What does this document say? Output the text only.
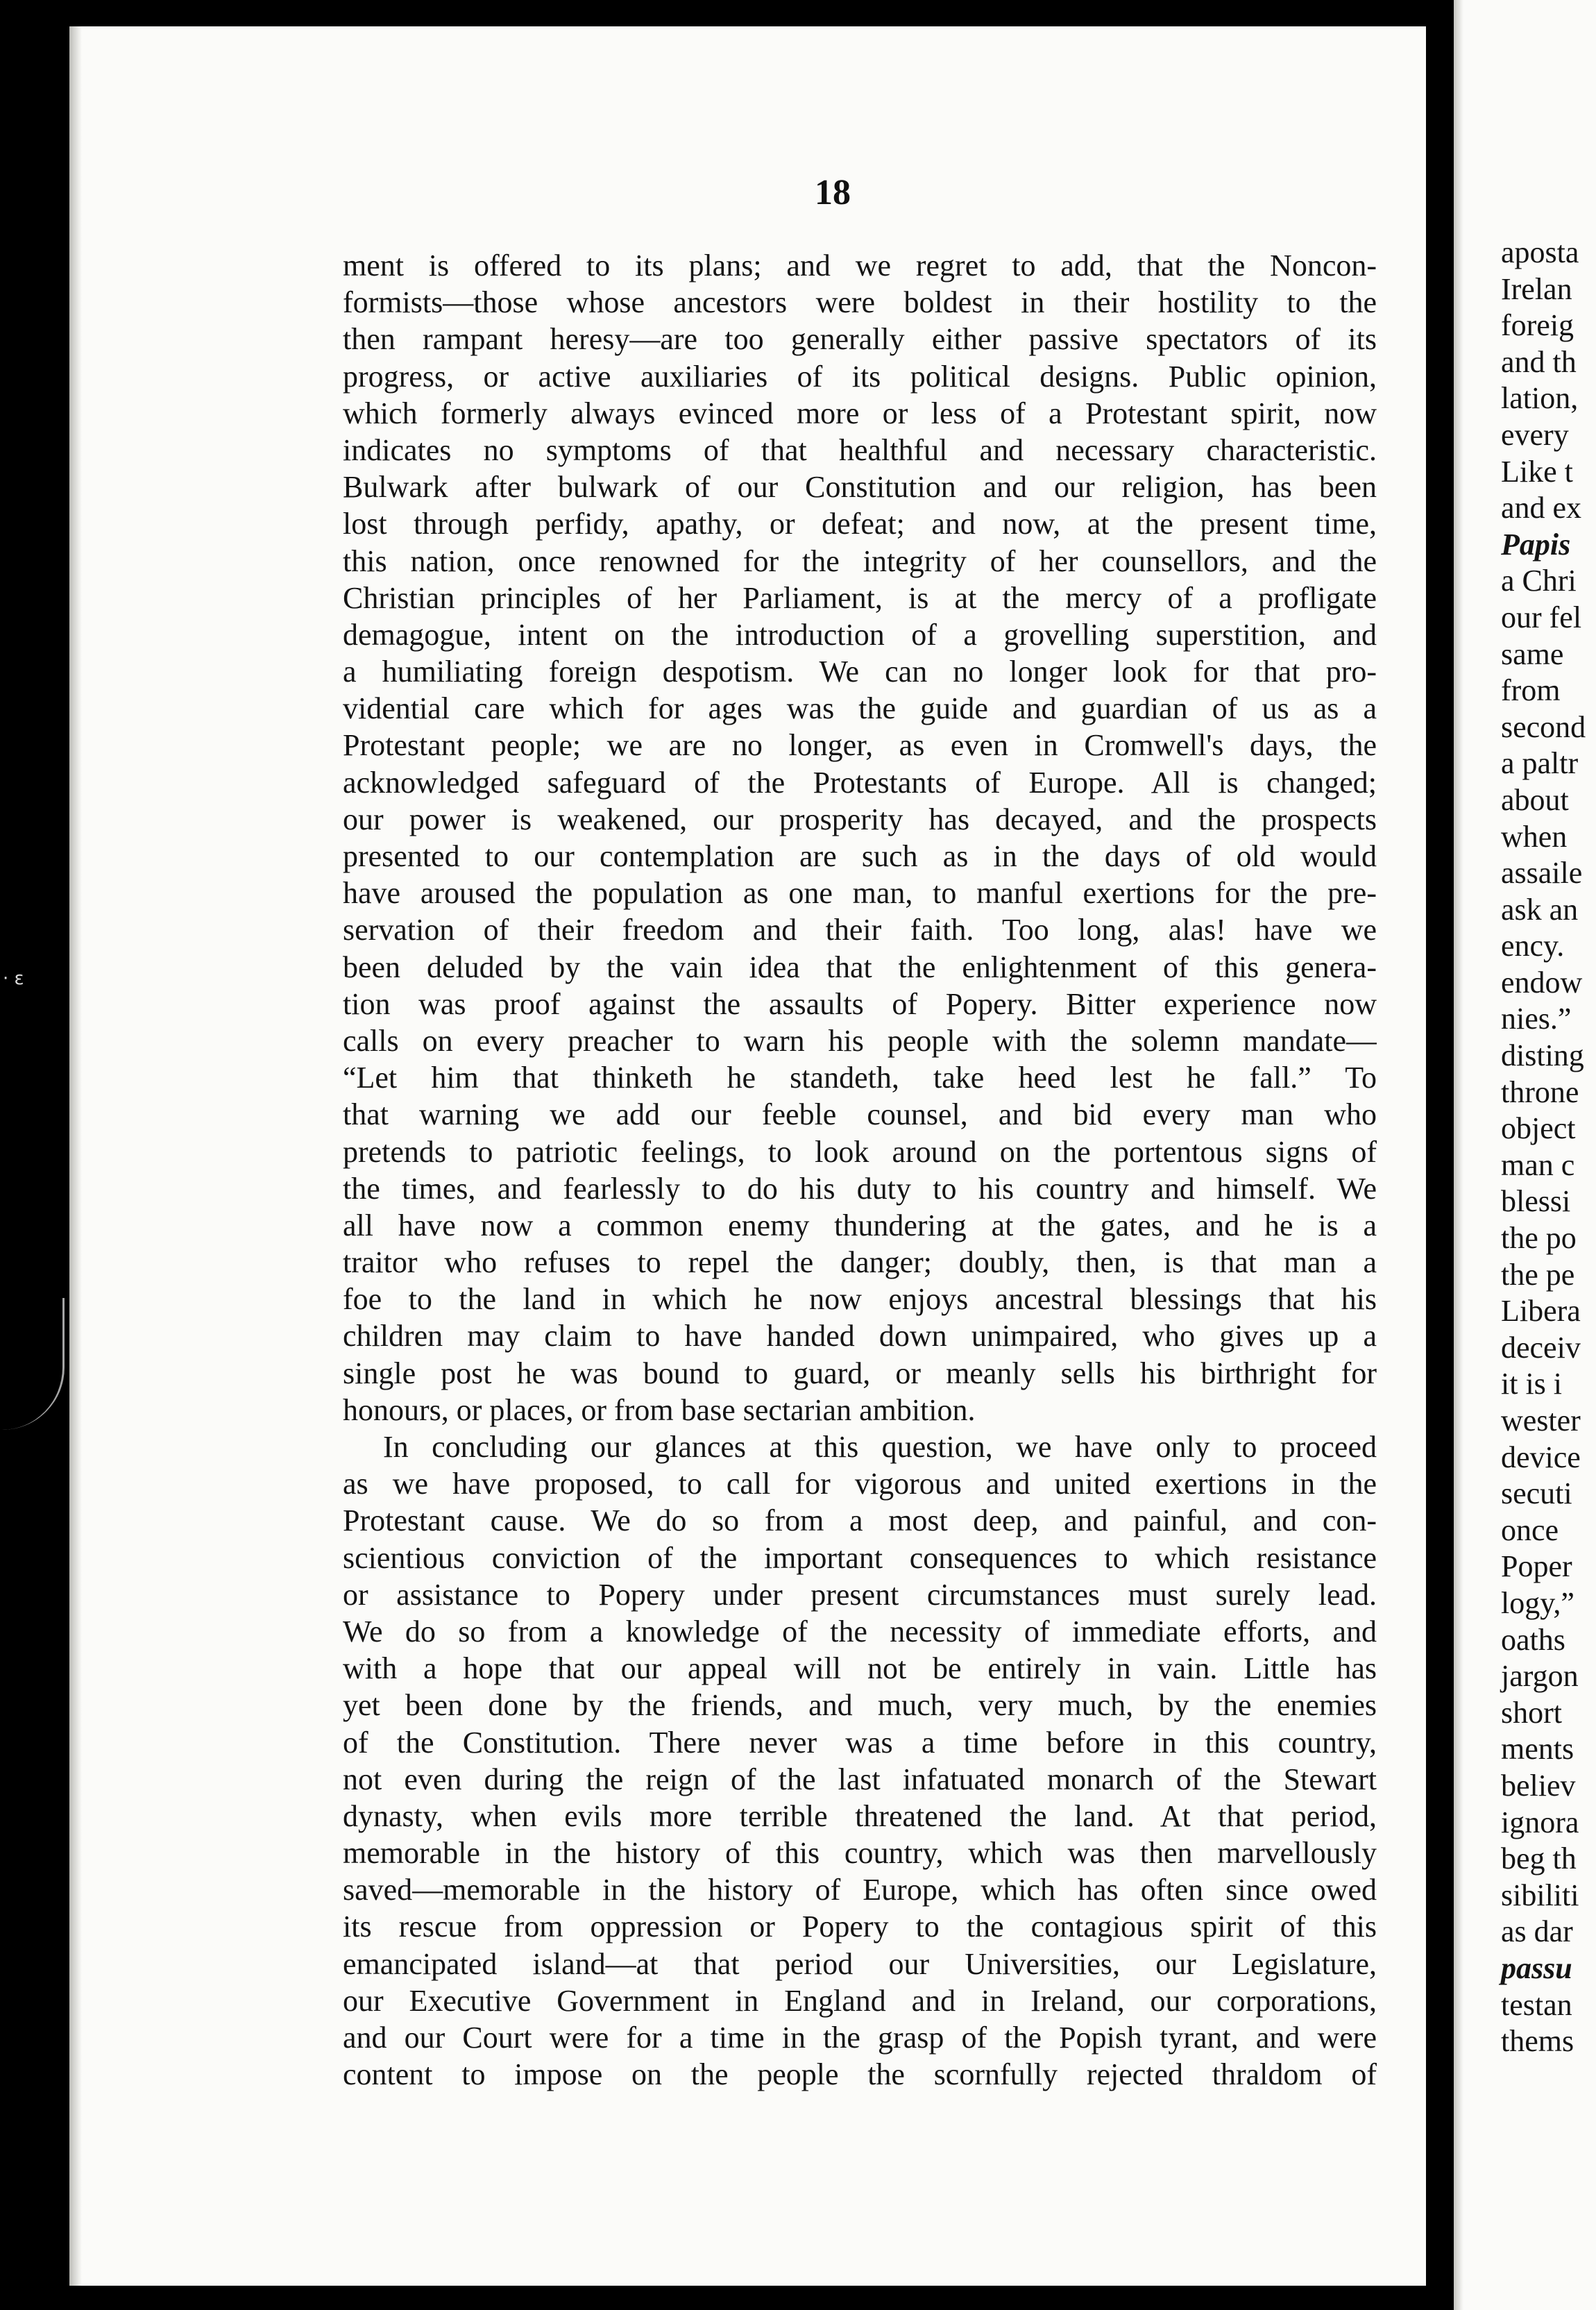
· ε
18
ment is offered to its plans; and we regret to add, that the Noncon-
formists—those whose ancestors were boldest in their hostility to the
then rampant heresy—are too generally either passive spectators of its
progress, or active auxiliaries of its political designs. Public opinion,
which formerly always evinced more or less of a Protestant spirit, now
indicates no symptoms of that healthful and necessary characteristic.
Bulwark after bulwark of our Constitution and our religion, has been
lost through perfidy, apathy, or defeat; and now, at the present time,
this nation, once renowned for the integrity of her counsellors, and the
Christian principles of her Parliament, is at the mercy of a profligate
demagogue, intent on the introduction of a grovelling superstition, and
a humiliating foreign despotism. We can no longer look for that pro-
vidential care which for ages was the guide and guardian of us as a
Protestant people; we are no longer, as even in Cromwell's days, the
acknowledged safeguard of the Protestants of Europe. All is changed;
our power is weakened, our prosperity has decayed, and the prospects
presented to our contemplation are such as in the days of old would
have aroused the population as one man, to manful exertions for the pre-
servation of their freedom and their faith. Too long, alas! have we
been deluded by the vain idea that the enlightenment of this genera-
tion was proof against the assaults of Popery. Bitter experience now
calls on every preacher to warn his people with the solemn mandate—
“Let him that thinketh he standeth, take heed lest he fall.” To
that warning we add our feeble counsel, and bid every man who
pretends to patriotic feelings, to look around on the portentous signs of
the times, and fearlessly to do his duty to his country and himself. We
all have now a common enemy thundering at the gates, and he is a
traitor who refuses to repel the danger; doubly, then, is that man a
foe to the land in which he now enjoys ancestral blessings that his
children may claim to have handed down unimpaired, who gives up a
single post he was bound to guard, or meanly sells his birthright for
honours, or places, or from base sectarian ambition.
In concluding our glances at this question, we have only to proceed
as we have proposed, to call for vigorous and united exertions in the
Protestant cause. We do so from a most deep, and painful, and con-
scientious conviction of the important consequences to which resistance
or assistance to Popery under present circumstances must surely lead.
We do so from a knowledge of the necessity of immediate efforts, and
with a hope that our appeal will not be entirely in vain. Little has
yet been done by the friends, and much, very much, by the enemies
of the Constitution. There never was a time before in this country,
not even during the reign of the last infatuated monarch of the Stewart
dynasty, when evils more terrible threatened the land. At that period,
memorable in the history of this country, which was then marvellously
saved—memorable in the history of Europe, which has often since owed
its rescue from oppression or Popery to the contagious spirit of this
emancipated island—at that period our Universities, our Legislature,
our Executive Government in England and in Ireland, our corporations,
and our Court were for a time in the grasp of the Popish tyrant, and were
content to impose on the people the scornfully rejected thraldom of
aposta
Irelan
foreig
and th
lation,
every
Like t
and ex
Papis
a Chri
our fel
same
from
second
a paltr
about
when
assaile
ask an
ency.
endow
nies.”
disting
throne
object
man c
blessi
the po
the pe
Libera
deceiv
it is i
wester
device
secuti
once
Poper
logy,”
oaths
jargon
short
ments
believ
ignora
beg th
sibiliti
as dar
passu
testan
thems
